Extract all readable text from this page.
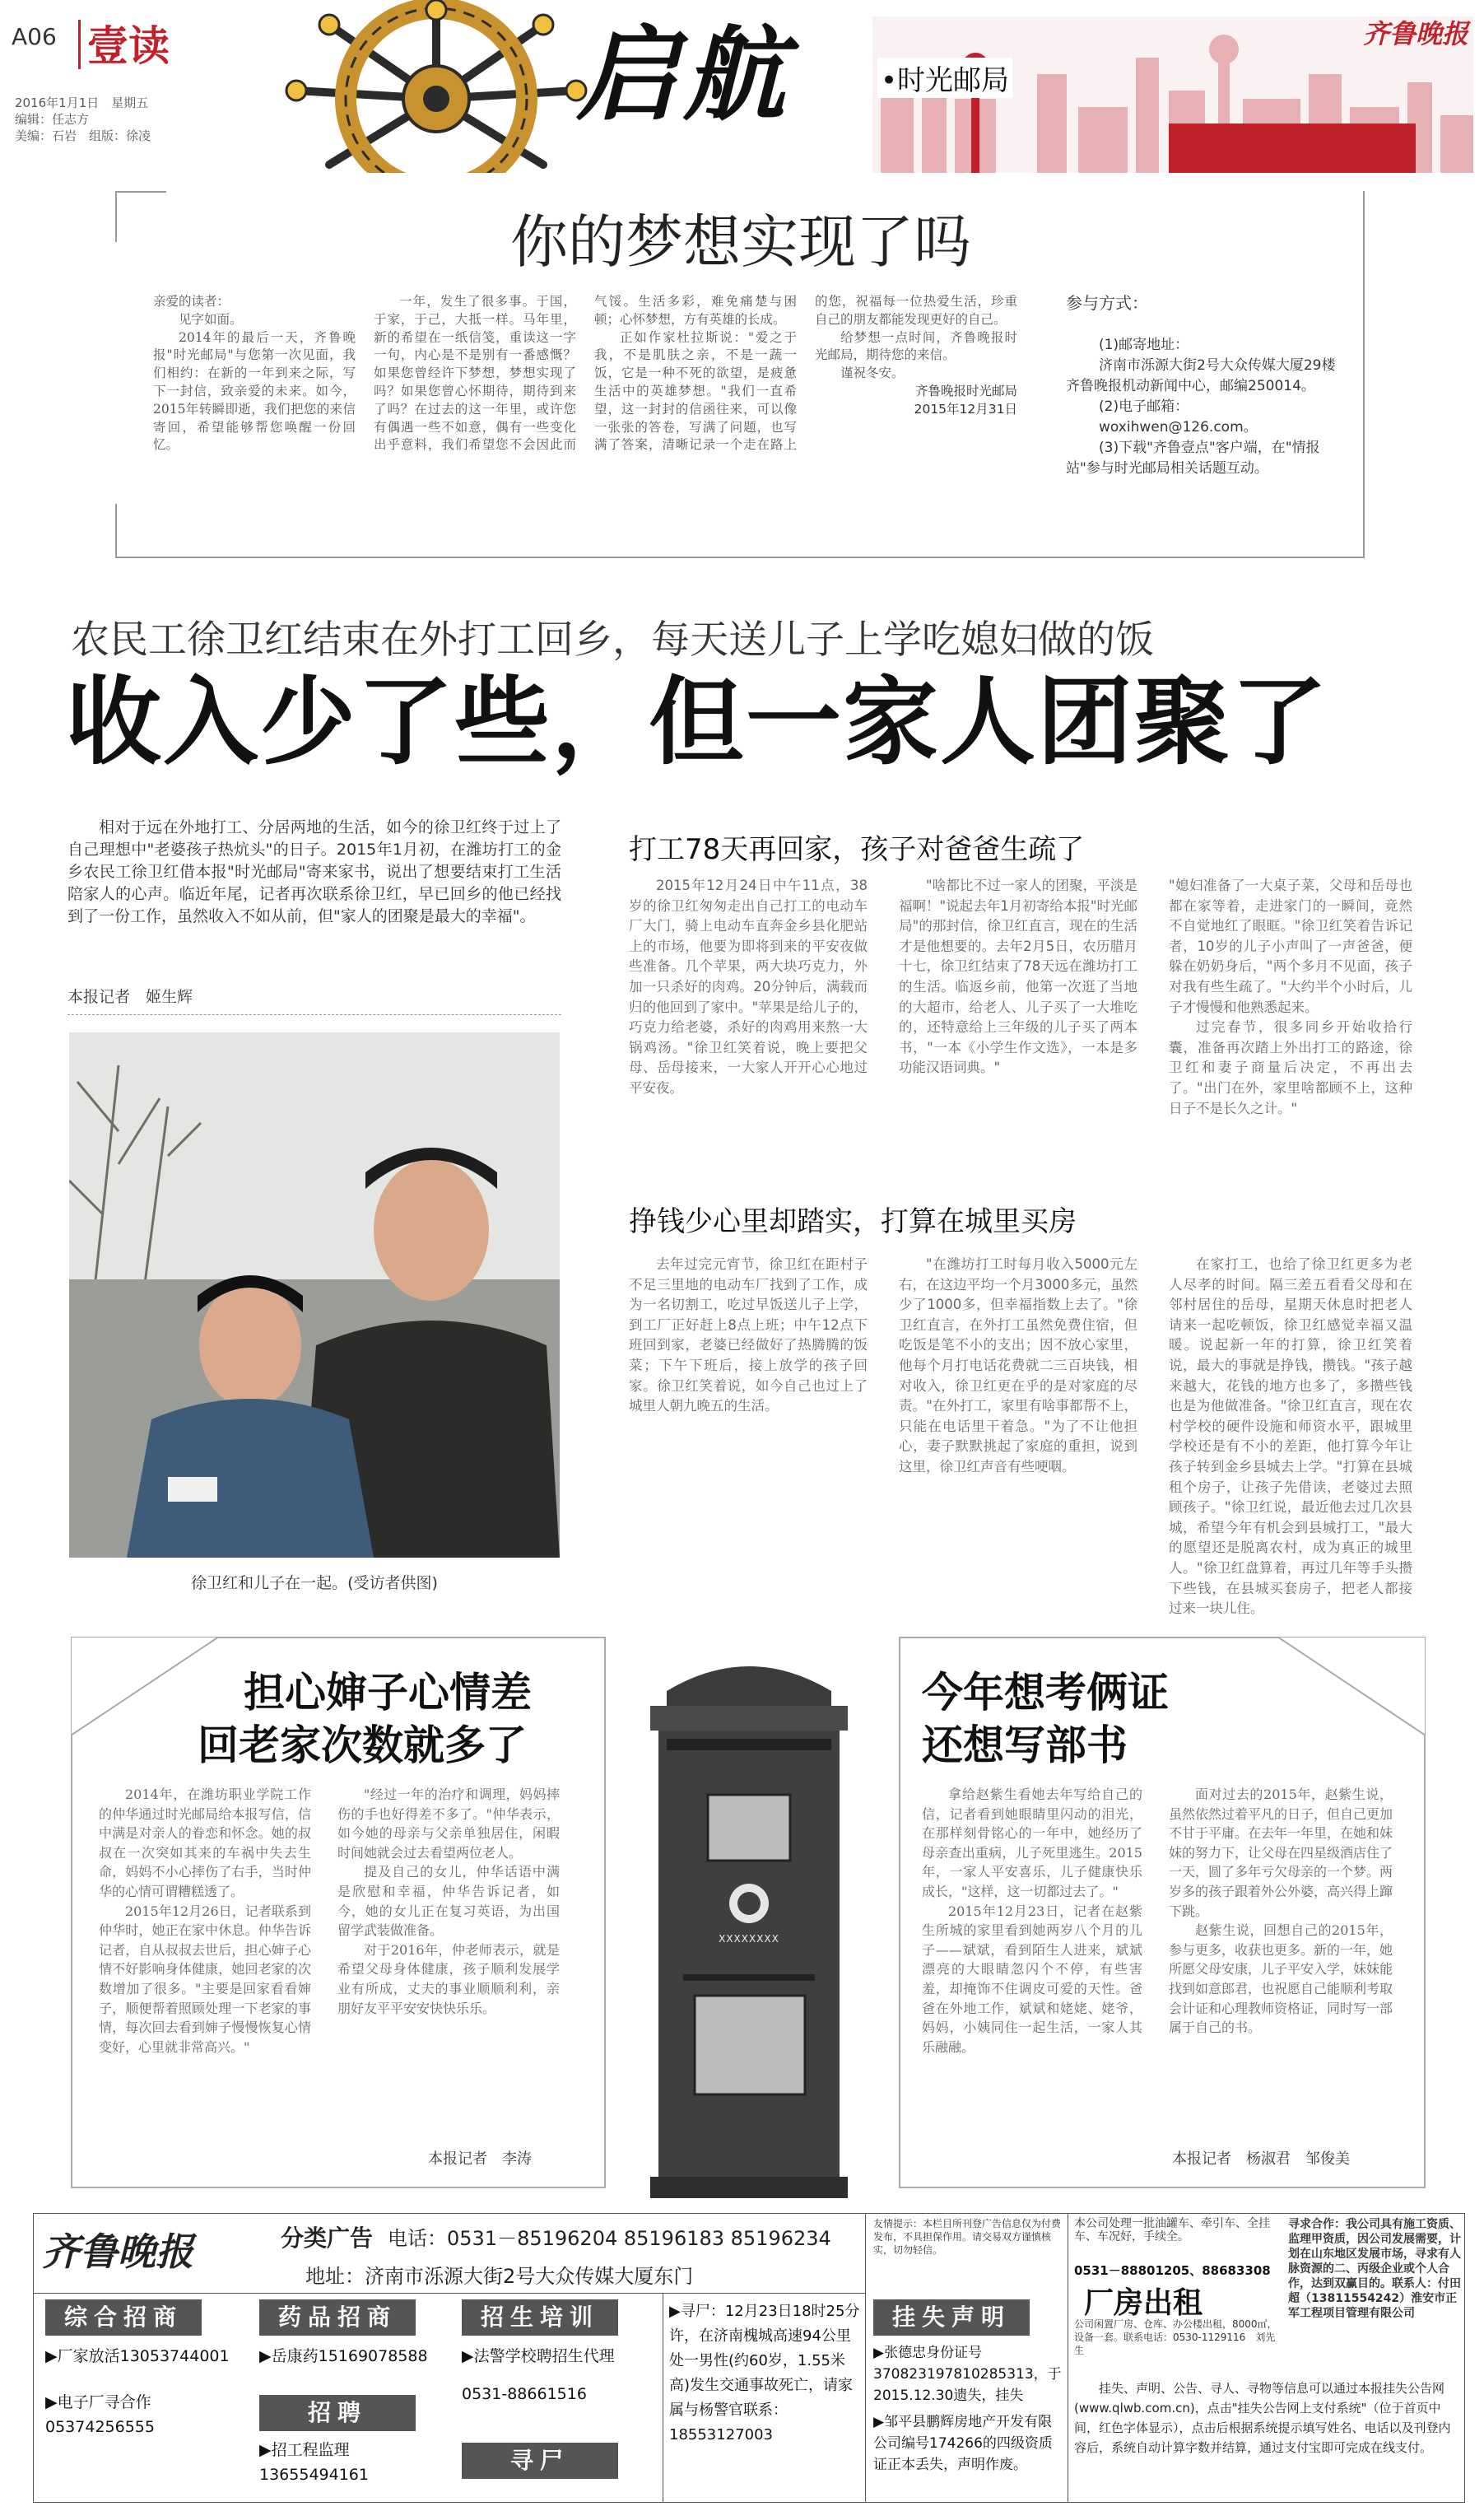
A06 壹读
2016年1月1日　星期五
编辑：任志方
美编：石岩　组版：徐凌
启航	•时光邮局
齐鲁晚报
你的梦想实现了吗

亲爱的读者：

见字如面。

2014年的最后一天，齐鲁晚报"时光邮局"与您第一次见面，我们相约：在新的一年到来之际，写下一封信，致亲爱的未来。如今，2015年转瞬即逝，我们把您的来信寄回，希望能够帮您唤醒一份回忆。

一年，发生了很多事。于国，于家，于己，大抵一样。马年里，新的希望在一纸信笺，重读这一字一句，内心是不是别有一番感慨？如果您曾经许下梦想，梦想实现了吗？如果您曾心怀期待，期待到来了吗？在过去的这一年里，或许您有偶遇一些不如意，偶有一些变化出乎意料，我们希望您不会因此而气馁。生活多彩，难免痛楚与困顿；心怀梦想，方有英雄的长成。

正如作家杜拉斯说："爱之于我，不是肌肤之亲，不是一蔬一饭，它是一种不死的欲望，是疲惫生活中的英雄梦想。"我们一直希望，这一封封的信函往来，可以像一张张的答卷，写满了问题，也写满了答案，清晰记录一个走在路上的您，祝福每一位热爱生活，珍重自己的朋友都能发现更好的自己。

给梦想一点时间，齐鲁晚报时光邮局，期待您的来信。

谨祝冬安。

齐鲁晚报时光邮局

2015年12月31日

参与方式：
(1)邮寄地址：
济南市泺源大街2号大众传媒大厦29楼齐鲁晚报机动新闻中心，邮编250014。
(2)电子邮箱：
woxihwen@126.com。
(3)下载"齐鲁壹点"客户端，在"情报站"参与时光邮局相关话题互动。
农民工徐卫红结束在外打工回乡，每天送儿子上学吃媳妇做的饭
收入少了些，但一家人团聚了
相对于远在外地打工、分居两地的生活，如今的徐卫红终于过上了自己理想中"老婆孩子热炕头"的日子。2015年1月初，在潍坊打工的金乡农民工徐卫红借本报"时光邮局"寄来家书，说出了想要结束打工生活陪家人的心声。临近年尾，记者再次联系徐卫红，早已回乡的他已经找到了一份工作，虽然收入不如从前，但"家人的团聚是最大的幸福"。
本报记者　姬生辉
徐卫红和儿子在一起。(受访者供图)
打工78天再回家，孩子对爸爸生疏了

2015年12月24日中午11点，38岁的徐卫红匆匆走出自己打工的电动车厂大门，骑上电动车直奔金乡县化肥站上的市场，他要为即将到来的平安夜做些准备。几个苹果，两大块巧克力，外加一只杀好的肉鸡。20分钟后，满载而归的他回到了家中。"苹果是给儿子的，巧克力给老婆，杀好的肉鸡用来熬一大锅鸡汤。"徐卫红笑着说，晚上要把父母、岳母接来，一大家人开开心心地过平安夜。

"啥都比不过一家人的团聚，平淡是福啊！"说起去年1月初寄给本报"时光邮局"的那封信，徐卫红直言，现在的生活才是他想要的。去年2月5日，农历腊月十七，徐卫红结束了78天远在潍坊打工的生活。临返乡前，他第一次逛了当地的大超市，给老人、儿子买了一大堆吃的，还特意给上三年级的儿子买了两本书，"一本《小学生作文选》，一本是多功能汉语词典。"

"媳妇准备了一大桌子菜，父母和岳母也都在家等着，走进家门的一瞬间，竟然不自觉地红了眼眶。"徐卫红笑着告诉记者，10岁的儿子小声叫了一声爸爸，便躲在奶奶身后，"两个多月不见面，孩子对我有些生疏了。"大约半个小时后，儿子才慢慢和他熟悉起来。

过完春节，很多同乡开始收拾行囊，准备再次踏上外出打工的路途，徐卫红和妻子商量后决定，不再出去了。"出门在外，家里啥都顾不上，这种日子不是长久之计。"

挣钱少心里却踏实，打算在城里买房

去年过完元宵节，徐卫红在距村子不足三里地的电动车厂找到了工作，成为一名切割工，吃过早饭送儿子上学，到工厂正好赶上8点上班；中午12点下班回到家，老婆已经做好了热腾腾的饭菜；下午下班后，接上放学的孩子回家。徐卫红笑着说，如今自己也过上了城里人朝九晚五的生活。

"在潍坊打工时每月收入5000元左右，在这边平均一个月3000多元，虽然少了1000多，但幸福指数上去了。"徐卫红直言，在外打工虽然免费住宿，但吃饭是笔不小的支出；因不放心家里，他每个月打电话花费就二三百块钱，相对收入，徐卫红更在乎的是对家庭的尽责。"在外打工，家里有啥事都帮不上，只能在电话里干着急。"为了不让他担心，妻子默默挑起了家庭的重担，说到这里，徐卫红声音有些哽咽。

在家打工，也给了徐卫红更多为老人尽孝的时间。隔三差五看看父母和在邻村居住的岳母，星期天休息时把老人请来一起吃顿饭，徐卫红感觉幸福又温暖。说起新一年的打算，徐卫红笑着说，最大的事就是挣钱，攒钱。"孩子越来越大，花钱的地方也多了，多攒些钱也是为他做准备。"徐卫红直言，现在农村学校的硬件设施和师资水平，跟城里学校还是有不小的差距，他打算今年让孩子转到金乡县城去上学。"打算在县城租个房子，让孩子先借读，老婆过去照顾孩子。"徐卫红说，最近他去过几次县城，希望今年有机会到县城打工，"最大的愿望还是脱离农村，成为真正的城里人。"徐卫红盘算着，再过几年等手头攒下些钱，在县城买套房子，把老人都接过来一块儿住。

担心婶子心情差
回老家次数就多了

2014年，在潍坊职业学院工作的仲华通过时光邮局给本报写信，信中满是对亲人的眷恋和怀念。她的叔叔在一次突如其来的车祸中失去生命，妈妈不小心摔伤了右手，当时仲华的心情可谓糟糕透了。

2015年12月26日，记者联系到仲华时，她正在家中休息。仲华告诉记者，自从叔叔去世后，担心婶子心情不好影响身体健康，她回老家的次数增加了很多。"主要是回家看看婶子，顺便帮着照顾处理一下老家的事情，每次回去看到婶子慢慢恢复心情变好，心里就非常高兴。"

"经过一年的治疗和调理，妈妈摔伤的手也好得差不多了。"仲华表示，如今她的母亲与父亲单独居住，闲暇时间她就会过去看望两位老人。

提及自己的女儿，仲华话语中满是欣慰和幸福，仲华告诉记者，如今，她的女儿正在复习英语，为出国留学武装做准备。

对于2016年，仲老师表示，就是希望父母身体健康，孩子顺利发展学业有所成，丈夫的事业顺顺利利，亲朋好友平平安安快快乐乐。

本报记者　李涛
XXXXXXXX
今年想考俩证
还想写部书

拿给赵紫生看她去年写给自己的信，记者看到她眼睛里闪动的泪光，在那样刻骨铭心的一年中，她经历了母亲查出重病，儿子死里逃生。2015年，一家人平安喜乐，儿子健康快乐成长，"这样，这一切都过去了。"

2015年12月23日，记者在赵紫生所城的家里看到她两岁八个月的儿子——斌斌，看到陌生人进来，斌斌漂亮的大眼睛忽闪个不停，有些害羞，却掩饰不住调皮可爱的天性。爸爸在外地工作，斌斌和姥姥、姥爷，妈妈，小姨同住一起生活，一家人其乐融融。

面对过去的2015年，赵紫生说，虽然依然过着平凡的日子，但自己更加不甘于平庸。在去年一年里，在她和妹妹的努力下，让父母在四星级酒店住了一天，圆了多年亏欠母亲的一个梦。两岁多的孩子跟着外公外婆，高兴得上蹿下跳。

赵紫生说，回想自己的2015年，参与更多，收获也更多。新的一年，她所愿父母安康，儿子平安入学，妹妹能找到如意郎君，也祝愿自己能顺利考取会计证和心理教师资格证，同时写一部属于自己的书。

本报记者　杨淑君　邹俊美
齐鲁晚报	分类广告 电话：0531－85196204 85196183 85196234
地址：济南市泺源大街2号大众传媒大厦东门
友情提示：本栏目所刊登广告信息仅为付费发布，不具担保作用。请交易双方谨慎核实，切勿轻信。
本公司处理一批油罐车、牵引车、全挂车、车况好，手续全。
0531－88801205、88683308
厂房出租
公司闲置厂房、仓库、办公楼出租，8000㎡，设备一套。联系电话：0530-1129116　刘先生
寻求合作：我公司具有施工资质、监理甲资质，因公司发展需要，计划在山东地区发展市场，寻求有人脉资源的二、丙级企业或个人合作，达到双赢目的。联系人：付田超（13811554242）淮安市正军工程项目管理有限公司
综合招商
▶厂家放活13053744001
▶电子厂寻合作
05374256555
药品招商
▶岳康药15169078588
招聘
▶招工程监理
13655494161
招生培训
▶法警学校聘招生代理
0531-88661516
寻尸
▶寻尸：12月23日18时25分许，在济南槐城高速94公里处一男性(约60岁，1.55米高)发生交通事故死亡，请家属与杨警官联系：18553127003
挂失声明
▶张德忠身份证号370823197810285313，于2015.12.30遗失，挂失
▶邹平县鹏辉房地产开发有限公司编号174266的四级资质证正本丢失，声明作废。
挂失、声明、公告、寻人、寻物等信息可以通过本报挂失公告网(www.qlwb.com.cn)，点击"挂失公告网上支付系统"（位于首页中间，红色字体显示），点击后根据系统提示填写姓名、电话以及刊登内容后，系统自动计算字数并结算，通过支付宝即可完成在线支付。
